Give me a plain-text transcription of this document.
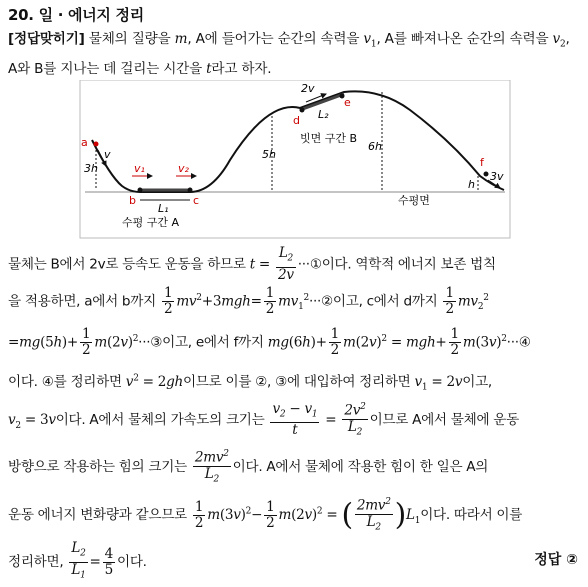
20. 일 · 에너지 정리
[정답맞히기] 물체의 질량을 m, A에 들어가는 순간의 속력을 $v_1$, A를 빠져나온 순간의 속력을 $v_2$, A와 B를 지나는 데 걸리는 시간을 t라고 하자.
a
b	c
d
e
f
v
v₁	v₂
2v
3v
3h
5h
6h
h
L₁
L₂
수평 구간 A
빗면 구간 B
수평면
물체는 B에서 2v로 등속도 운동을 하므로 $t = \frac{L_2}{2v}$ ···①이다. 역학적 에너지 보존 법칙
을 적용하면, a에서 b까지 $\frac{1}{2} mv^2+3mgh= \frac{1}{2}$ $mv_1^2\cdot\cdot\cdot ②$이고, c에서 d까지 $\frac{1}{2} mv_2^2$
$=mg(5h)+ \frac{1}{2}$ $m(2v)^2\cdot\cdot\cdot ③$이고, e에서 f까지 $mg(6h)+ \frac{1}{2} m(2v)^2 = mgh+ \frac{1}{2}$ $m(3v)^2\cdot\cdot\cdot ④$
이다. ④를 정리하면 $v^2 = 2gh$이므로 이를 ②, ③에 대입하여 정리하면 $v_1 = 2v$이고,
$v_2 = 3v$이다. A에서 물체의 가속도의 크기는 $\frac{v_2 - v_1}{t} = \frac{2v^2}{L_2}$ 이므로 A에서 물체에 운동
방향으로 작용하는 힘의 크기는 $\frac{2mv^2}{L_2}$ 이다. A에서 물체에 작용한 힘이 한 일은 A의
운동 에너지 변화량과 같으므로 $\frac{1}{2} m(3v)^2- \frac{1}{2} m(2v)^2$ = ( $\frac{2mv^2}{L_2} )L_1$이다. 따라서 이를
정리하면, $\frac{L_2}{L_1} = \frac{4}{5}$ 이다.	정답 ②
